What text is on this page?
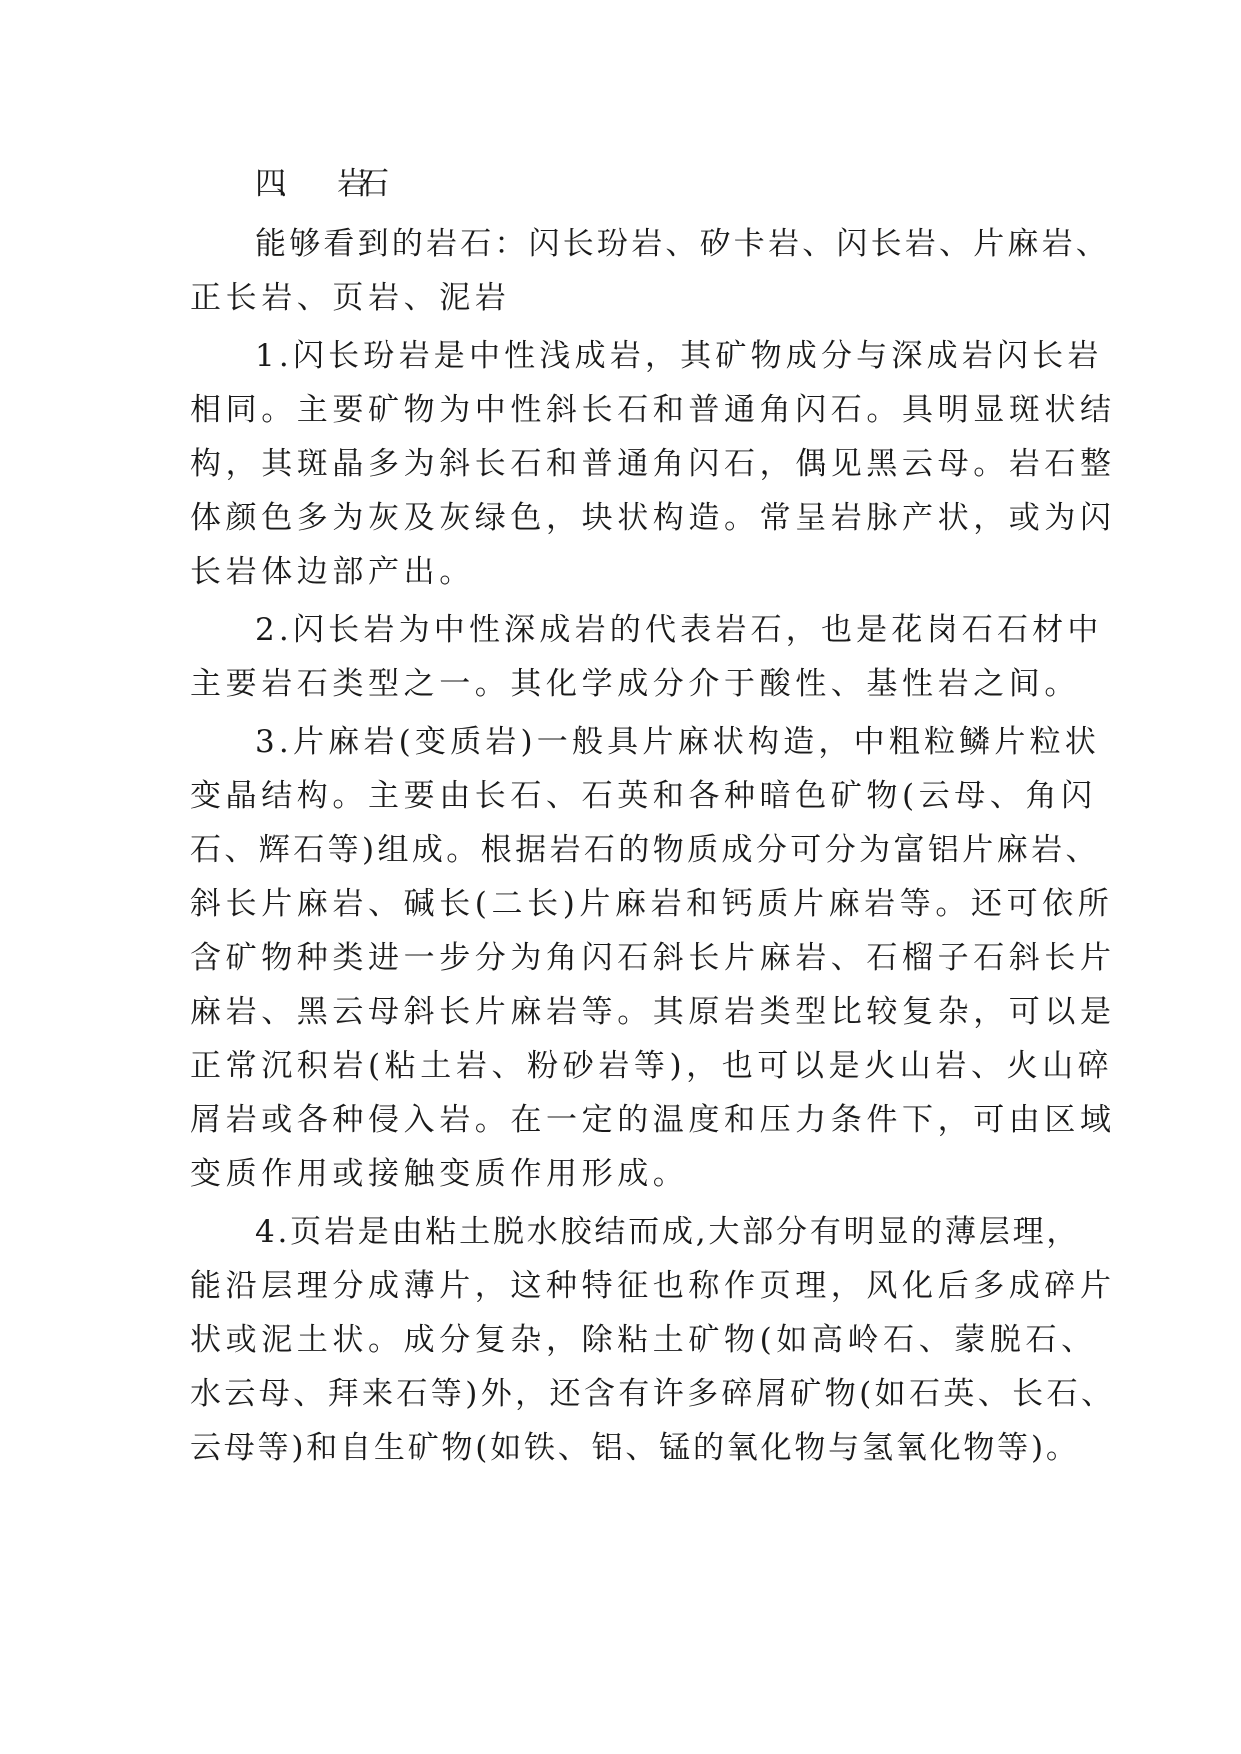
四、 岩石
能够看到的岩石：闪长玢岩、矽卡岩、闪长岩、片麻岩、
正长岩、页岩、泥岩
1.闪长玢岩是中性浅成岩，其矿物成分与深成岩闪长岩
相同。主要矿物为中性斜长石和普通角闪石。具明显斑状结
构，其斑晶多为斜长石和普通角闪石，偶见黑云母。岩石整
体颜色多为灰及灰绿色，块状构造。常呈岩脉产状，或为闪
长岩体边部产出。
2.闪长岩为中性深成岩的代表岩石，也是花岗石石材中
主要岩石类型之一。其化学成分介于酸性、基性岩之间。
3.片麻岩(变质岩)一般具片麻状构造，中粗粒鳞片粒状
变晶结构。主要由长石、石英和各种暗色矿物(云母、角闪
石、辉石等)组成。根据岩石的物质成分可分为富铝片麻岩、
斜长片麻岩、碱长(二长)片麻岩和钙质片麻岩等。还可依所
含矿物种类进一步分为角闪石斜长片麻岩、石榴子石斜长片
麻岩、黑云母斜长片麻岩等。其原岩类型比较复杂，可以是
正常沉积岩(粘土岩、粉砂岩等)，也可以是火山岩、火山碎
屑岩或各种侵入岩。在一定的温度和压力条件下，可由区域
变质作用或接触变质作用形成。
4.页岩是由粘土脱水胶结而成,大部分有明显的薄层理，
能沿层理分成薄片，这种特征也称作页理，风化后多成碎片
状或泥土状。成分复杂，除粘土矿物(如高岭石、蒙脱石、
水云母、拜来石等)外，还含有许多碎屑矿物(如石英、长石、
云母等)和自生矿物(如铁、铝、锰的氧化物与氢氧化物等)。
